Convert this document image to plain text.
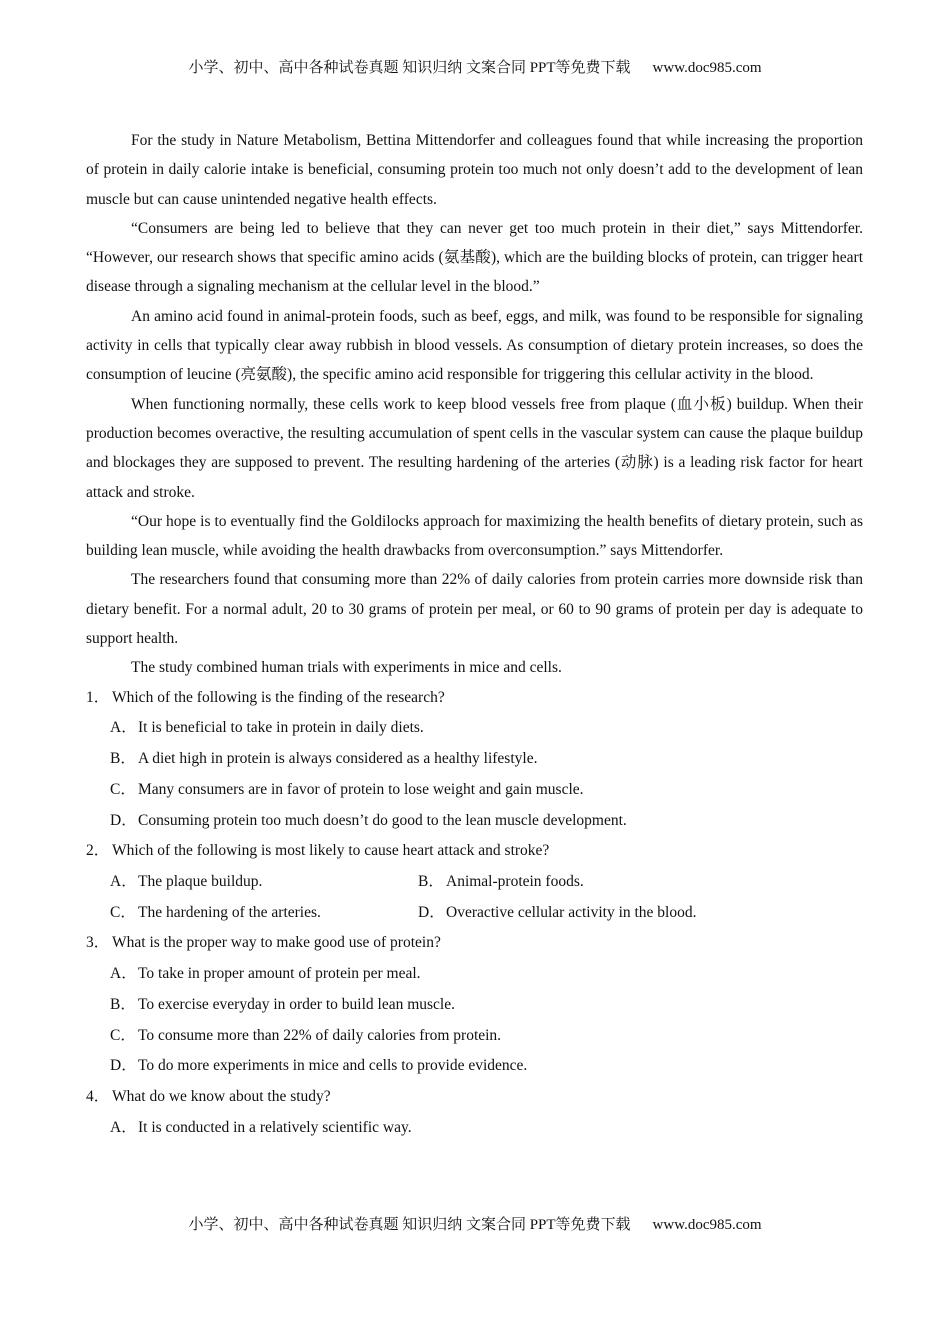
小学、初中、高中各种试卷真题 知识归纳 文案合同 PPT等免费下载 www.doc985.com

For the study in Nature Metabolism, Bettina Mittendorfer and colleagues found that while increasing the proportion of protein in daily calorie intake is beneficial, consuming protein too much not only doesn’t add to the development of lean muscle but can cause unintended negative health effects.

“Consumers are being led to believe that they can never get too much protein in their diet,” says Mittendorfer. “However, our research shows that specific amino acids (氨基酸), which are the building blocks of protein, can trigger heart disease through a signaling mechanism at the cellular level in the blood.”

An amino acid found in animal-protein foods, such as beef, eggs, and milk, was found to be responsible for signaling activity in cells that typically clear away rubbish in blood vessels. As consumption of dietary protein increases, so does the consumption of leucine (亮氨酸), the specific amino acid responsible for triggering this cellular activity in the blood.

When functioning normally, these cells work to keep blood vessels free from plaque (血小板) buildup. When their production becomes overactive, the resulting accumulation of spent cells in the vascular system can cause the plaque buildup and blockages they are supposed to prevent. The resulting hardening of the arteries (动脉) is a leading risk factor for heart attack and stroke.

“Our hope is to eventually find the Goldilocks approach for maximizing the health benefits of dietary protein, such as building lean muscle, while avoiding the health drawbacks from overconsumption.” says Mittendorfer.

The researchers found that consuming more than 22% of daily calories from protein carries more downside risk than dietary benefit. For a normal adult, 20 to 30 grams of protein per meal, or 60 to 90 grams of protein per day is adequate to support health.

The study combined human trials with experiments in mice and cells.

1． Which of the following is the finding of the research?

A．It is beneficial to take in protein in daily diets.

B． A diet high in protein is always considered as a healthy lifestyle.

C． Many consumers are in favor of protein to lose weight and gain muscle.

D．Consuming protein too much doesn’t do good to the lean muscle development.

2． Which of the following is most likely to cause heart attack and stroke?

A．The plaque buildup.	B． Animal-protein foods.
C． The hardening of the arteries.	D．Overactive cellular activity in the blood.

3． What is the proper way to make good use of protein?

A．To take in proper amount of protein per meal.

B． To exercise everyday in order to build lean muscle.

C． To consume more than 22% of daily calories from protein.

D．To do more experiments in mice and cells to provide evidence.

4． What do we know about the study?

A．It is conducted in a relatively scientific way.

小学、初中、高中各种试卷真题 知识归纳 文案合同 PPT等免费下载 www.doc985.com
